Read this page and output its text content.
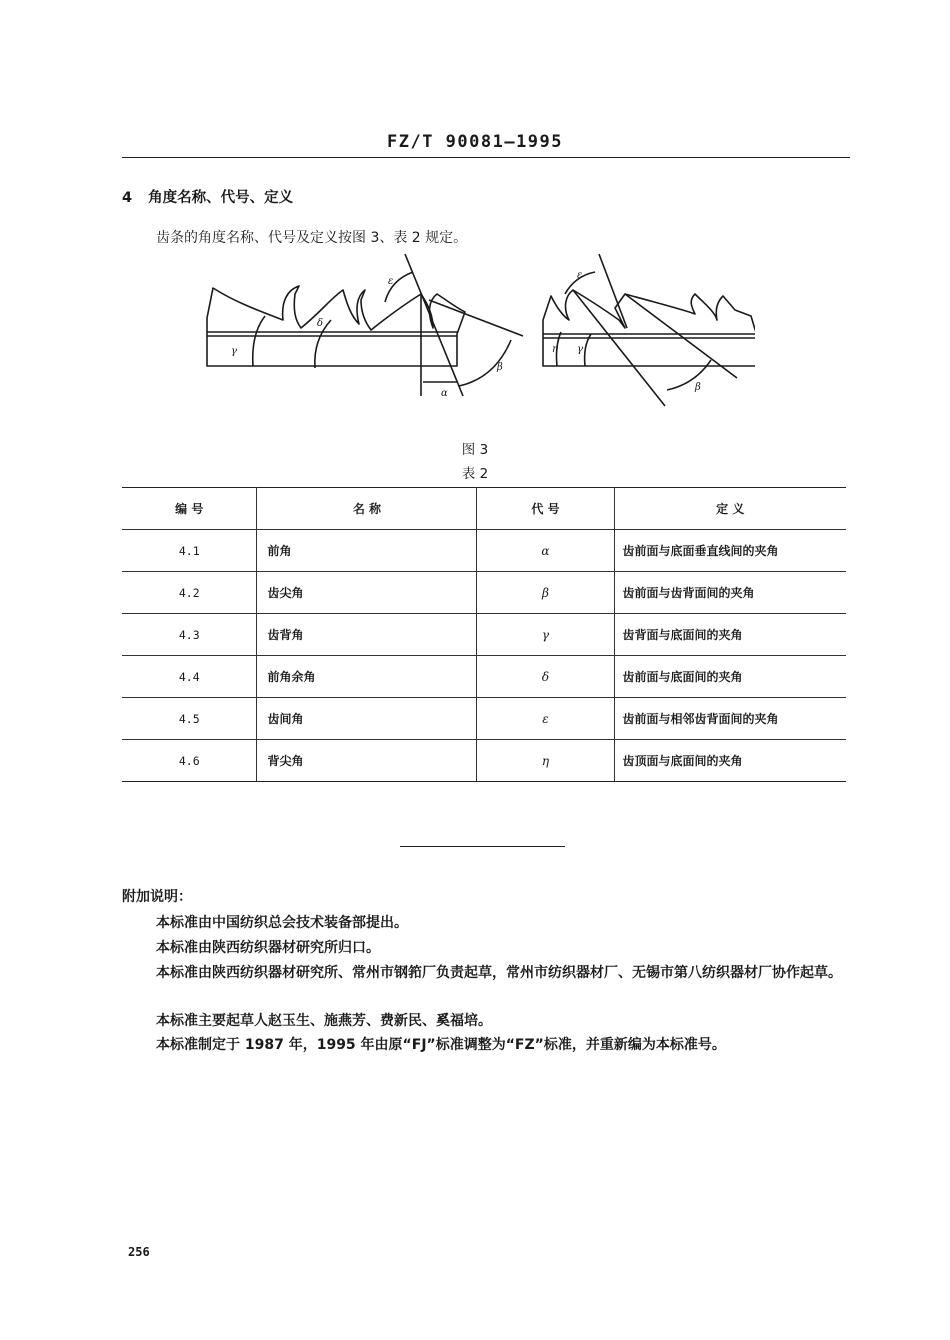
FZ/T 90081—1995
4 角度名称、代号、定义
齿条的角度名称、代号及定义按图 3、表 2 规定。
ε
δ
γ
α
β
ε
η γ
β
图 3
表 2
编 号	名 称	代 号	定 义
4.1	前角	α	齿前面与底面垂直线间的夹角
4.2	齿尖角	β	齿前面与齿背面间的夹角
4.3	齿背角	γ	齿背面与底面间的夹角
4.4	前角余角	δ	齿前面与底面间的夹角
4.5	齿间角	ε	齿前面与相邻齿背面间的夹角
4.6	背尖角	η	齿顶面与底面间的夹角
附加说明：
本标准由中国纺织总会技术装备部提出。
本标准由陕西纺织器材研究所归口。
本标准由陕西纺织器材研究所、常州市钢筘厂负责起草，常州市纺织器材厂、无锡市第八纺织器材厂协作起草。
本标准主要起草人赵玉生、施燕芳、费新民、奚福培。
本标准制定于 1987 年，1995 年由原“FJ”标准调整为“FZ”标准，并重新编为本标准号。
256
